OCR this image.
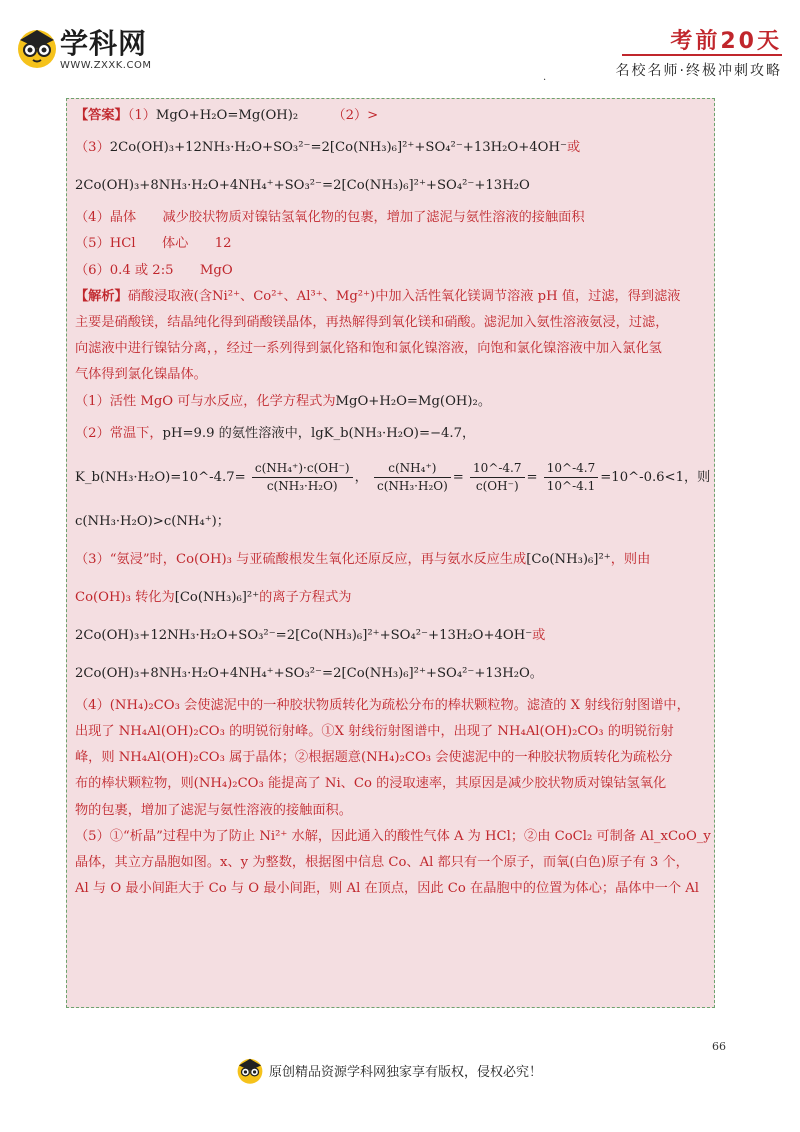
学科网
WWW.ZXXK.COM
考前20天
名校名师·终极冲刺攻略
.
【答案】（1）MgO+H₂O=Mg(OH)₂	（2）>
（3）2Co(OH)₃+12NH₃·H₂O+SO₃²⁻=2[Co(NH₃)₆]²⁺+SO₄²⁻+13H₂O+4OH⁻或
2Co(OH)₃+8NH₃·H₂O+4NH₄⁺+SO₃²⁻=2[Co(NH₃)₆]²⁺+SO₄²⁻+13H₂O
（4）晶体　　减少胶状物质对镍钴氢氧化物的包裹，增加了滤泥与氨性溶液的接触面积
（5）HCl　　体心　　12
（6）0.4 或 2:5　　MgO
【解析】硝酸浸取液(含Ni²⁺、Co²⁺、Al³⁺、Mg²⁺)中加入活性氧化镁调节溶液 pH 值，过滤，得到滤液
主要是硝酸镁，结晶纯化得到硝酸镁晶体，再热解得到氧化镁和硝酸。滤泥加入氨性溶液氨浸，过滤，
向滤液中进行镍钴分离，，经过一系列得到氯化铬和饱和氯化镍溶液，向饱和氯化镍溶液中加入氯化氢
气体得到氯化镍晶体。
（1）活性 MgO 可与水反应，化学方程式为MgO+H₂O=Mg(OH)₂。
（2）常温下，pH=9.9 的氨性溶液中，lgK_b(NH₃·H₂O)=−4.7，
K_b(NH₃·H₂O)=10^-4.7= $\frac{\text{c(NH₄⁺)·c(OH⁻)}}{\text{c(NH₃·H₂O)}}$ ， $\frac{\text{c(NH₄⁺)}}{\text{c(NH₃·H₂O)}} = \frac{10\^{}-4.7}{c(OH^-)} = \frac{10\^{}-4.7}{10\^{}-4.1}$ =10^-0.6<1，则
c(NH₃·H₂O)>c(NH₄⁺)；
（3）“氨浸”时，Co(OH)₃ 与亚硫酸根发生氧化还原反应，再与氨水反应生成[Co(NH₃)₆]²⁺，则由
Co(OH)₃ 转化为[Co(NH₃)₆]²⁺的离子方程式为
2Co(OH)₃+12NH₃·H₂O+SO₃²⁻=2[Co(NH₃)₆]²⁺+SO₄²⁻+13H₂O+4OH⁻或
2Co(OH)₃+8NH₃·H₂O+4NH₄⁺+SO₃²⁻=2[Co(NH₃)₆]²⁺+SO₄²⁻+13H₂O。
（4）(NH₄)₂CO₃ 会使滤泥中的一种胶状物质转化为疏松分布的棒状颗粒物。滤渣的 X 射线衍射图谱中，
出现了 NH₄Al(OH)₂CO₃ 的明锐衍射峰。①X 射线衍射图谱中，出现了 NH₄Al(OH)₂CO₃ 的明锐衍射
峰，则 NH₄Al(OH)₂CO₃ 属于晶体；②根据题意(NH₄)₂CO₃ 会使滤泥中的一种胶状物质转化为疏松分
布的棒状颗粒物，则(NH₄)₂CO₃ 能提高了 Ni、Co 的浸取速率，其原因是减少胶状物质对镍钴氢氧化
物的包裹，增加了滤泥与氨性溶液的接触面积。
（5）①“析晶”过程中为了防止 Ni²⁺ 水解，因此通入的酸性气体 A 为 HCl；②由 CoCl₂ 可制备 Al_xCoO_y
晶体，其立方晶胞如图。x、y 为整数，根据图中信息 Co、Al 都只有一个原子，而氧(白色)原子有 3 个，
Al 与 O 最小间距大于 Co 与 O 最小间距，则 Al 在顶点，因此 Co 在晶胞中的位置为体心；晶体中一个 Al
66
原创精品资源学科网独家享有版权，侵权必究！
